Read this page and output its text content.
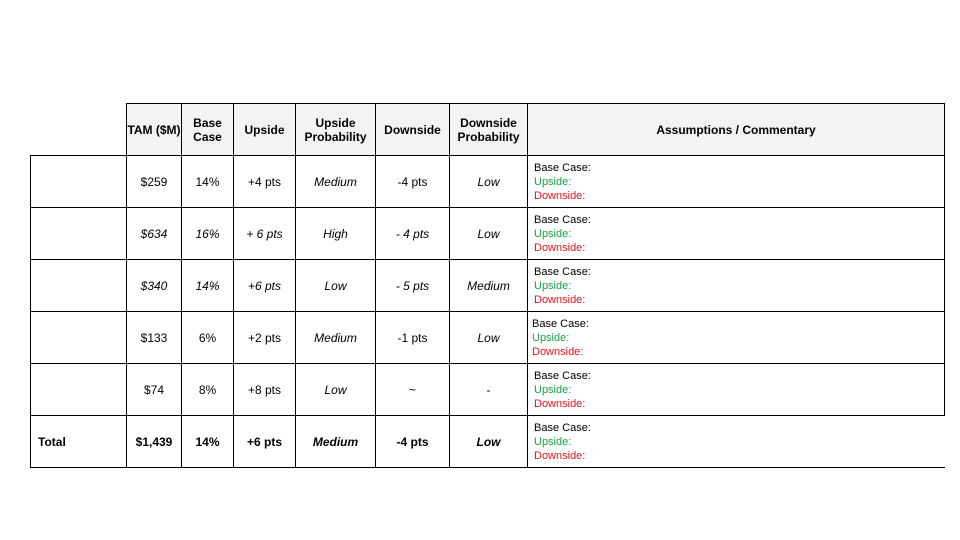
	TAM ($M)	Base Case	Upside	Upside Probability	Downside	Downside Probability	Assumptions / Commentary
	$259	14%	+4 pts	Medium	-4 pts	Low	Base Case:
Upside:
Downside:

	$634	16%	+ 6 pts	High	- 4 pts	Low	Base Case:
Upside:
Downside:

	$340	14%	+6 pts	Low	- 5 pts	Medium	Base Case:
Upside:
Downside:

	$133	6%	+2 pts	Medium	-1 pts	Low	Base Case:
Upside:
Downside:

	$74	8%	+8 pts	Low	~	-	Base Case:
Upside:
Downside:

Total	$1,439	14%	+6 pts	Medium	-4 pts	Low	Base Case:
Upside:
Downside:
